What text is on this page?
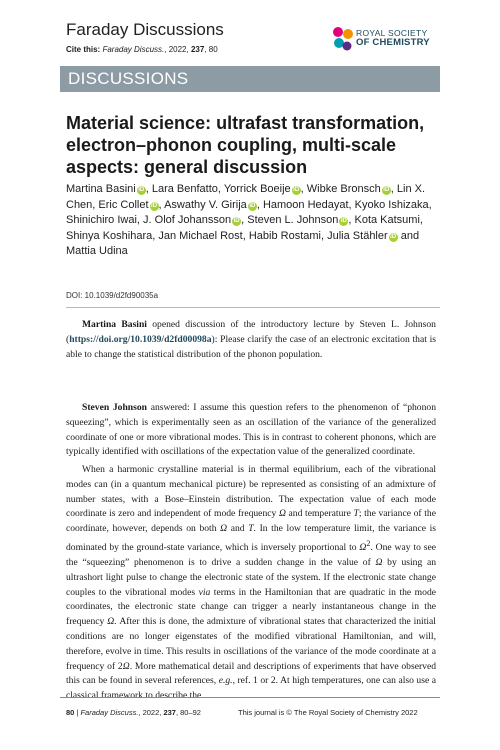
Faraday Discussions
Cite this: Faraday Discuss., 2022, 237, 80
ROYAL SOCIETY
OF CHEMISTRY
DISCUSSIONS
Material science: ultrafast transformation, electron–phonon coupling, multi-scale aspects: general discussion
Martina Basini iD , Lara Benfatto, Yorrick Boeije iD , Wibke Bronsch iD , Lin X. Chen, Eric Collet iD , Aswathy V. Girija iD , Hamoon Hedayat, Kyoko Ishizaka, Shinichiro Iwai, J. Olof Johansson iD , Steven L. Johnson iD , Kota Katsumi, Shinya Koshihara, Jan Michael Rost, Habib Rostami, Julia Stähler iD and Mattia Udina
DOI: 10.1039/d2fd90035a

Martina Basini opened discussion of the introductory lecture by Steven L. Johnson (https://doi.org/10.1039/d2fd00098a): Please clarify the case of an electronic excitation that is able to change the statistical distribution of the phonon population.

Steven Johnson answered: I assume this question refers to the phenomenon of “phonon squeezing”, which is experimentally seen as an oscillation of the variance of the generalized coordinate of one or more vibrational modes. This is in contrast to coherent phonons, which are typically identified with oscillations of the expectation value of the generalized coordinate.

When a harmonic crystalline material is in thermal equilibrium, each of the vibrational modes can (in a quantum mechanical picture) be represented as consisting of an admixture of number states, with a Bose–Einstein distribution. The expectation value of each mode coordinate is zero and independent of mode frequency Ω and temperature T; the variance of the coordinate, however, depends on both Ω and T. In the low temperature limit, the variance is dominated by the ground-state variance, which is inversely proportional to $\Omega^2$. One way to see the “squeezing” phenomenon is to drive a sudden change in the value of Ω by using an ultrashort light pulse to change the electronic state of the system. If the electronic state change couples to the vibrational modes via terms in the Hamiltonian that are quadratic in the mode coordinates, the electronic state change can trigger a nearly instantaneous change in the frequency Ω. After this is done, the admixture of vibrational states that characterized the initial conditions are no longer eigenstates of the modified vibrational Hamiltonian, and will, therefore, evolve in time. This results in oscillations of the variance of the mode coordinate at a frequency of 2Ω. More mathematical detail and descriptions of experiments that have observed this can be found in several references, e.g., ref. 1 or 2. At high temperatures, one can also use a classical framework to describe the

80 | Faraday Discuss., 2022, 237, 80–92	This journal is © The Royal Society of Chemistry 2022
